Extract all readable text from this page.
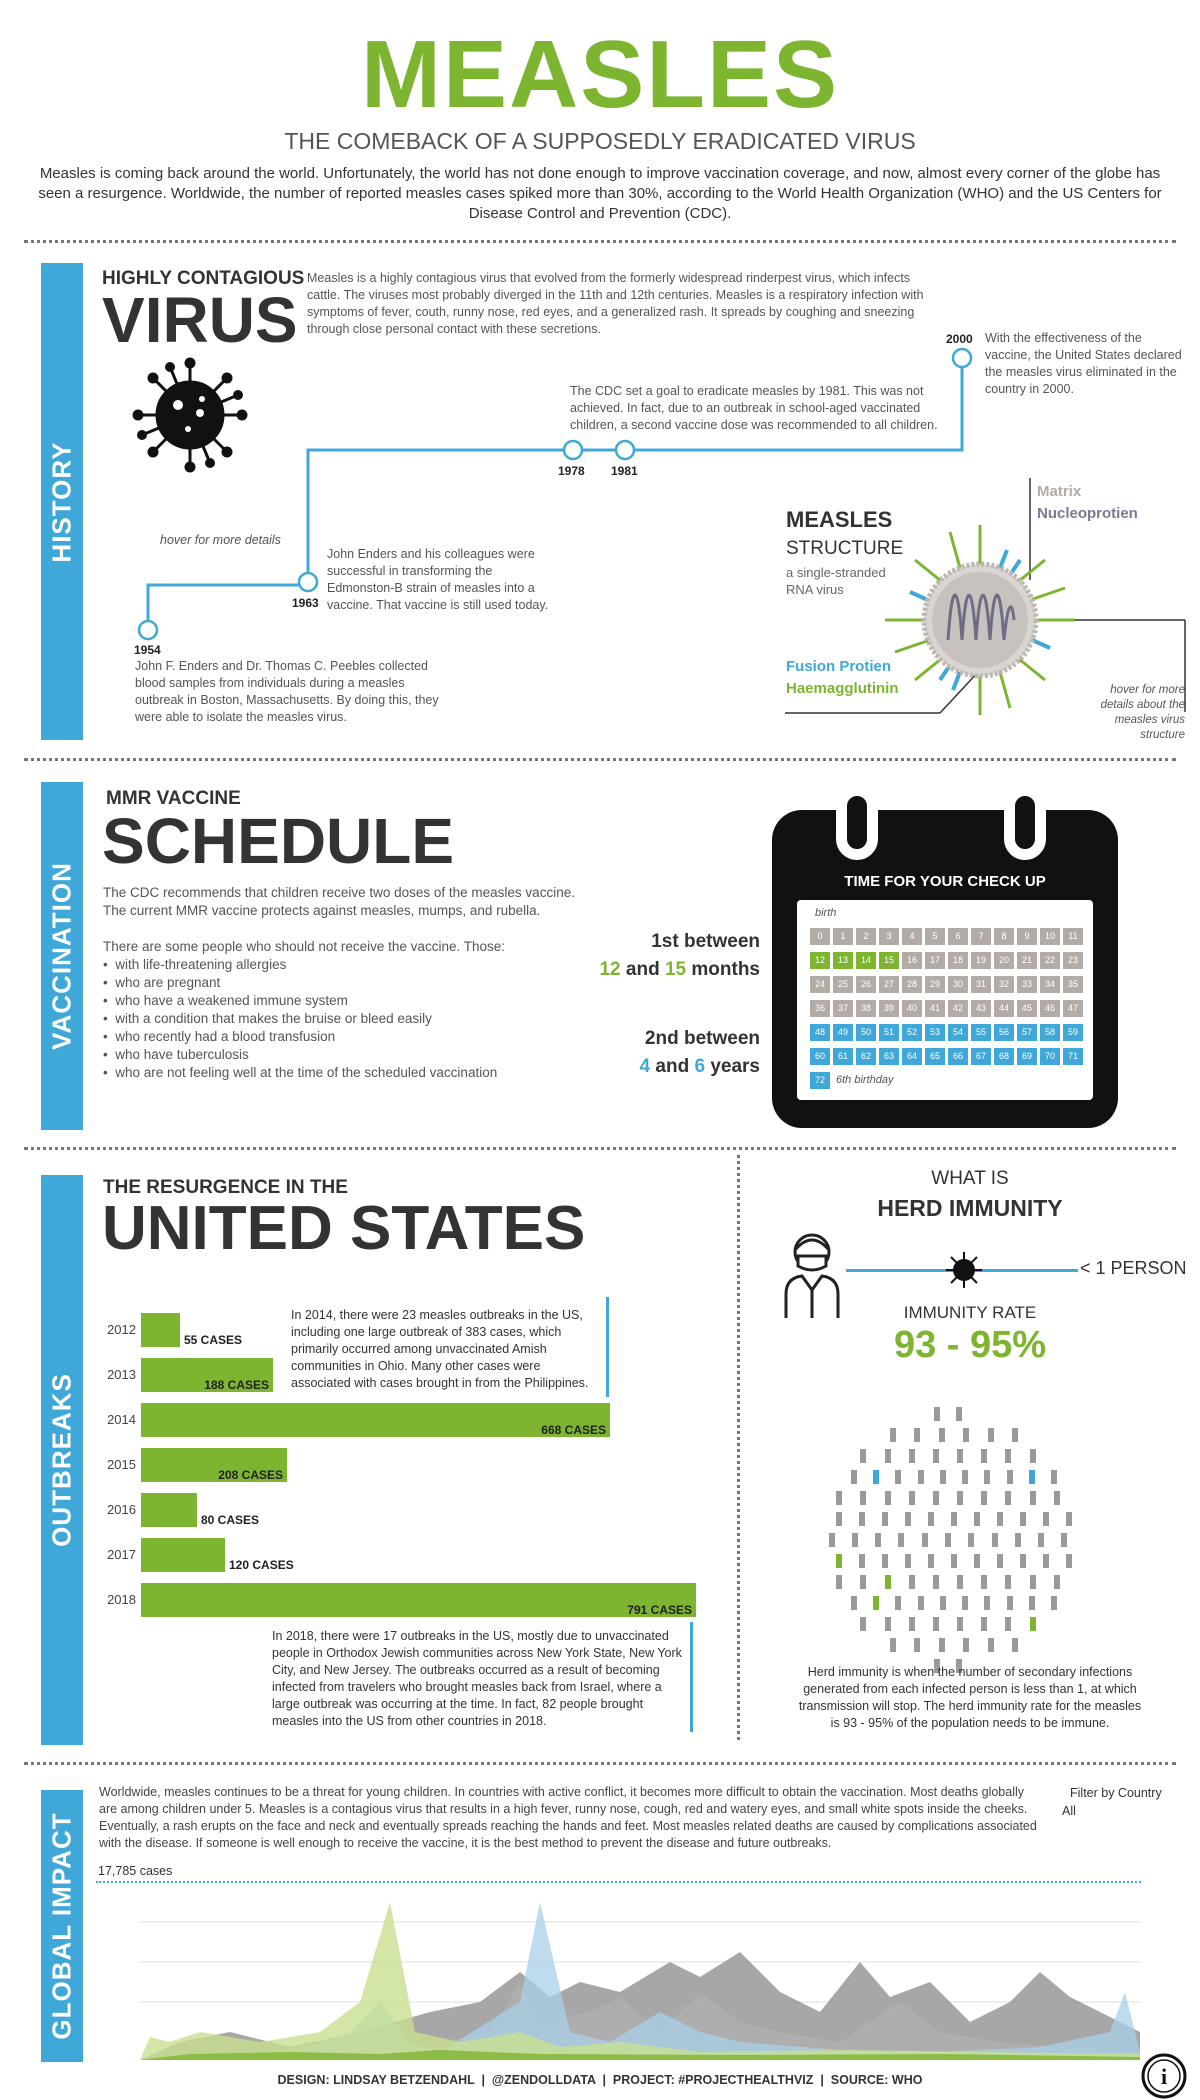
MEASLES
THE COMEBACK OF A SUPPOSEDLY ERADICATED VIRUS
Measles is coming back around the world. Unfortunately, the world has not done enough to improve vaccination coverage, and now, almost every corner of the globe has seen a resurgence. Worldwide, the number of reported measles cases spiked more than 30%, according to the World Health Organization (WHO) and the US Centers for Disease Control and Prevention (CDC).
HISTORY
HIGHLY CONTAGIOUS
VIRUS
Measles is a highly contagious virus that evolved from the formerly widespread rinderpest virus, which infects cattle. The viruses most probably diverged in the 11th and 12th centuries. Measles is a respiratory infection with symptoms of fever, couth, runny nose, red eyes, and a generalized rash. It spreads by coughing and sneezing through close personal contact with these secretions.
1954
1963
1978 1981
2000
John F. Enders and Dr. Thomas C. Peebles collected blood samples from individuals during a measles outbreak in Boston, Massachusetts. By doing this, they were able to isolate the measles virus.
John Enders and his colleagues were successful in transforming the Edmonston-B strain of measles into a vaccine. That vaccine is still used today.
The CDC set a goal to eradicate measles by 1981. This was not achieved. In fact, due to an outbreak in school-aged vaccinated children, a second vaccine dose was recommended to all children.
With the effectiveness of the vaccine, the United States declared the measles virus eliminated in the country in 2000.
hover for more details
MEASLES
STRUCTURE
a single-stranded RNA virus
Matrix
Nucleoprotien
Fusion Protien
Haemagglutinin	hover for more details about the measles virus structure
VACCINATION
MMR VACCINE
SCHEDULE
The CDC recommends that children receive two doses of the measles vaccine. The current MMR vaccine protects against measles, mumps, and rubella.
There are some people who should not receive the vaccine. Those:
•  with life-threatening allergies
•  who are pregnant
•  who have a weakened immune system
•  with a condition that makes the bruise or bleed easily
•  who recently had a blood transfusion
•  who have tuberculosis
•  who are not feeling well at the time of the scheduled vaccination
1st between
12 and 15 months
2nd between
4 and 6 years
TIME FOR YOUR CHECK UP
birth
0	1	2	3	4	5	6	7	8	9	10	11
12	13	14	15	16	17	18	19	20	21	22	23
24	25	26	27	28	29	30	31	32	33	34	35
36	37	38	39	40	41	42	43	44	45	46	47
48	49	50	51	52	53	54	55	56	57	58	59
60	61	62	63	64	65	66	67	68	69	70	71
72	6th birthday
OUTBREAKS
THE RESURGENCE IN THE
UNITED STATES
2012
55 CASES
2013
188 CASES
2014
668 CASES
2015
208 CASES
2016
80 CASES
2017
120 CASES
2018
791 CASES
In 2014, there were 23 measles outbreaks in the US, including one large outbreak of 383 cases, which primarily occurred among unvaccinated Amish communities in Ohio. Many other cases were associated with cases brought in from the Philippines.
In 2018, there were 17 outbreaks in the US, mostly due to unvaccinated people in Orthodox Jewish communities across New York State, New York City, and New Jersey. The outbreaks occurred as a result of becoming infected from travelers who brought measles back from Israel, where a large outbreak was occurring at the time. In fact, 82 people brought measles into the US from other countries in 2018.
WHAT IS
HERD IMMUNITY
< 1 PERSON
IMMUNITY RATE
93 - 95%
Herd immunity is when the number of secondary infections generated from each infected person is less than 1, at which transmission will stop. The herd immunity rate for the measles is 93 - 95% of the population needs to be immune.
GLOBAL IMPACT
Worldwide, measles continues to be a threat for young children. In countries with active conflict, it becomes more difficult to obtain the vaccination. Most deaths globally are among children under 5. Measles is a contagious virus that results in a high fever, runny nose, cough, red and watery eyes, and small white spots inside the cheeks. Eventually, a rash erupts on the face and neck and eventually spreads reaching the hands and feet. Most measles related deaths are caused by complications associated with the disease. If someone is well enough to receive the vaccine, it is the best method to prevent the disease and future outbreaks.
Filter by Country
All
17,785 cases
i
DESIGN: LINDSAY BETZENDAHL  |  @ZENDOLLDATA  |  PROJECT: #PROJECTHEALTHVIZ  |  SOURCE: WHO
